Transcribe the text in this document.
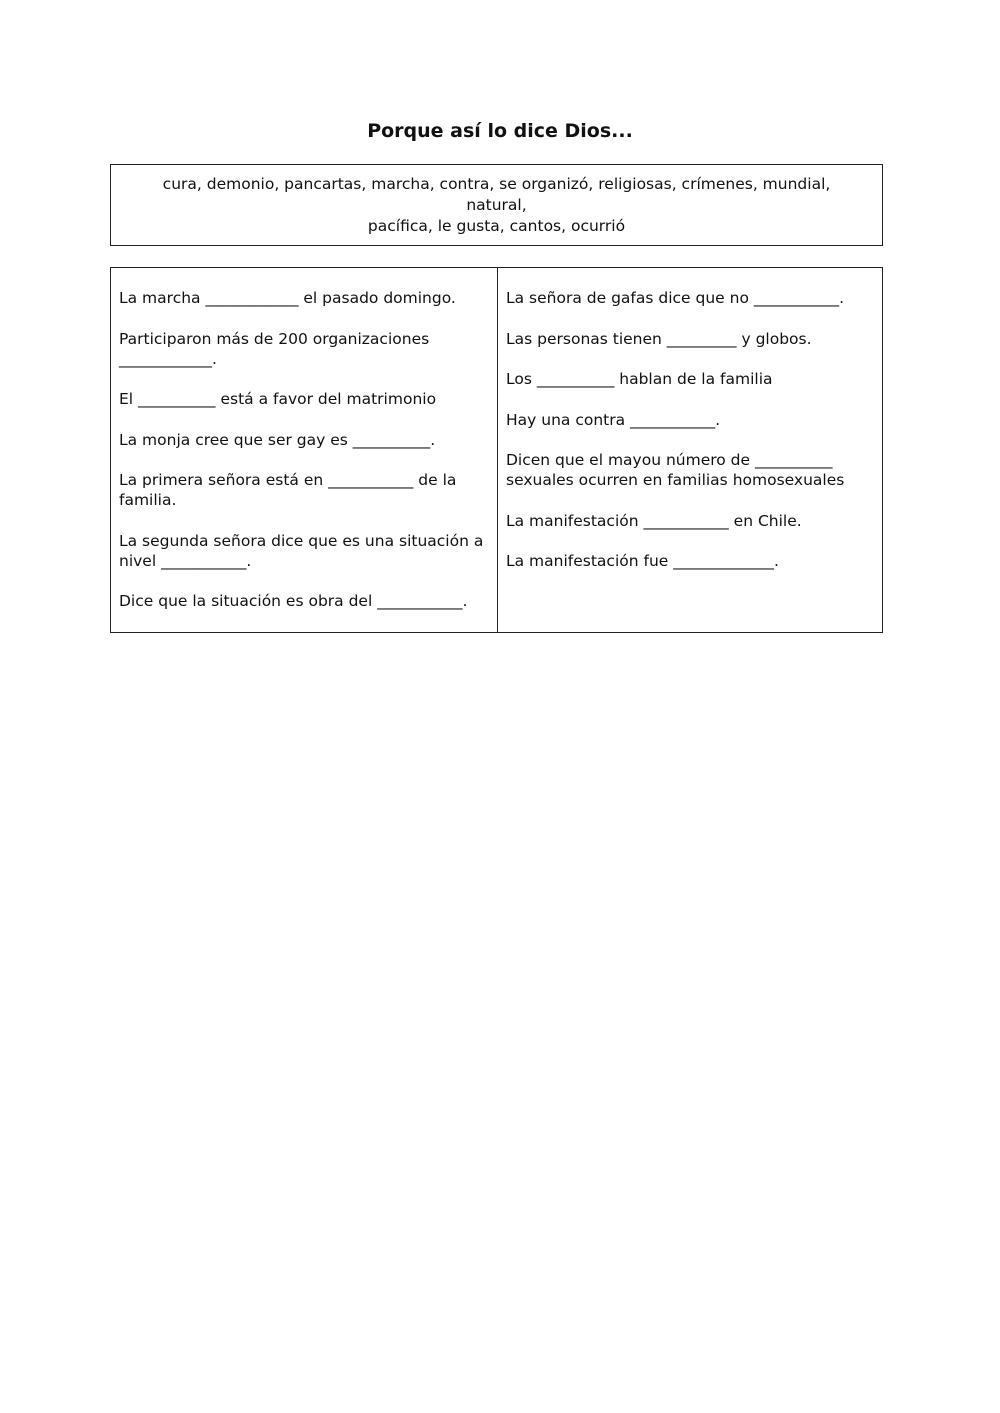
Porque así lo dice Dios...
cura, demonio, pancartas, marcha, contra, se organizó, religiosas, crímenes, mundial, natural,
pacífica, le gusta, cantos, ocurrió

La marcha ____________ el pasado domingo.

Participaron más de 200 organizaciones
____________.

El __________ está a favor del matrimonio

La monja cree que ser gay es __________.

La primera señora está en ___________ de la
familia.

La segunda señora dice que es una situación a
nivel ___________.

Dice que la situación es obra del ___________.

La señora de gafas dice que no ___________.

Las personas tienen _________ y globos.

Los __________ hablan de la familia

Hay una contra ___________.

Dicen que el mayou número de __________
sexuales ocurren en familias homosexuales

La manifestación ___________ en Chile.

La manifestación fue _____________.
